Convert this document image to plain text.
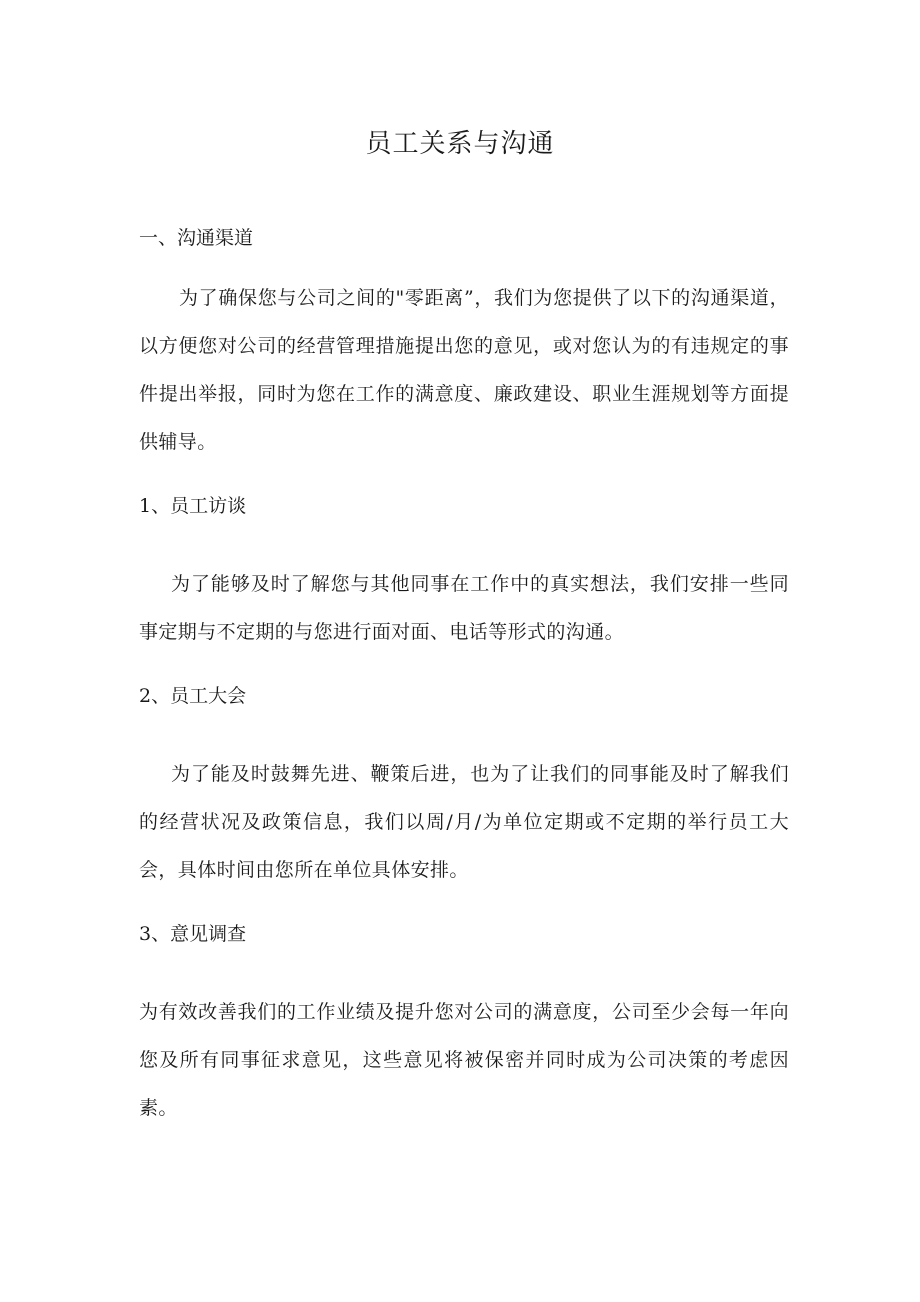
员工关系与沟通

一、沟通渠道

为了确保您与公司之间的"零距离”，我们为您提供了以下的沟通渠道，以方便您对公司的经营管理措施提出您的意见，或对您认为的有违规定的事件提出举报，同时为您在工作的满意度、廉政建设、职业生涯规划等方面提供辅导。

1、员工访谈

为了能够及时了解您与其他同事在工作中的真实想法，我们安排一些同事定期与不定期的与您进行面对面、电话等形式的沟通。

2、员工大会

为了能及时鼓舞先进、鞭策后进，也为了让我们的同事能及时了解我们的经营状况及政策信息，我们以周/月/为单位定期或不定期的举行员工大会，具体时间由您所在单位具体安排。

3、意见调查

为有效改善我们的工作业绩及提升您对公司的满意度，公司至少会每一年向您及所有同事征求意见，这些意见将被保密并同时成为公司决策的考虑因素。
